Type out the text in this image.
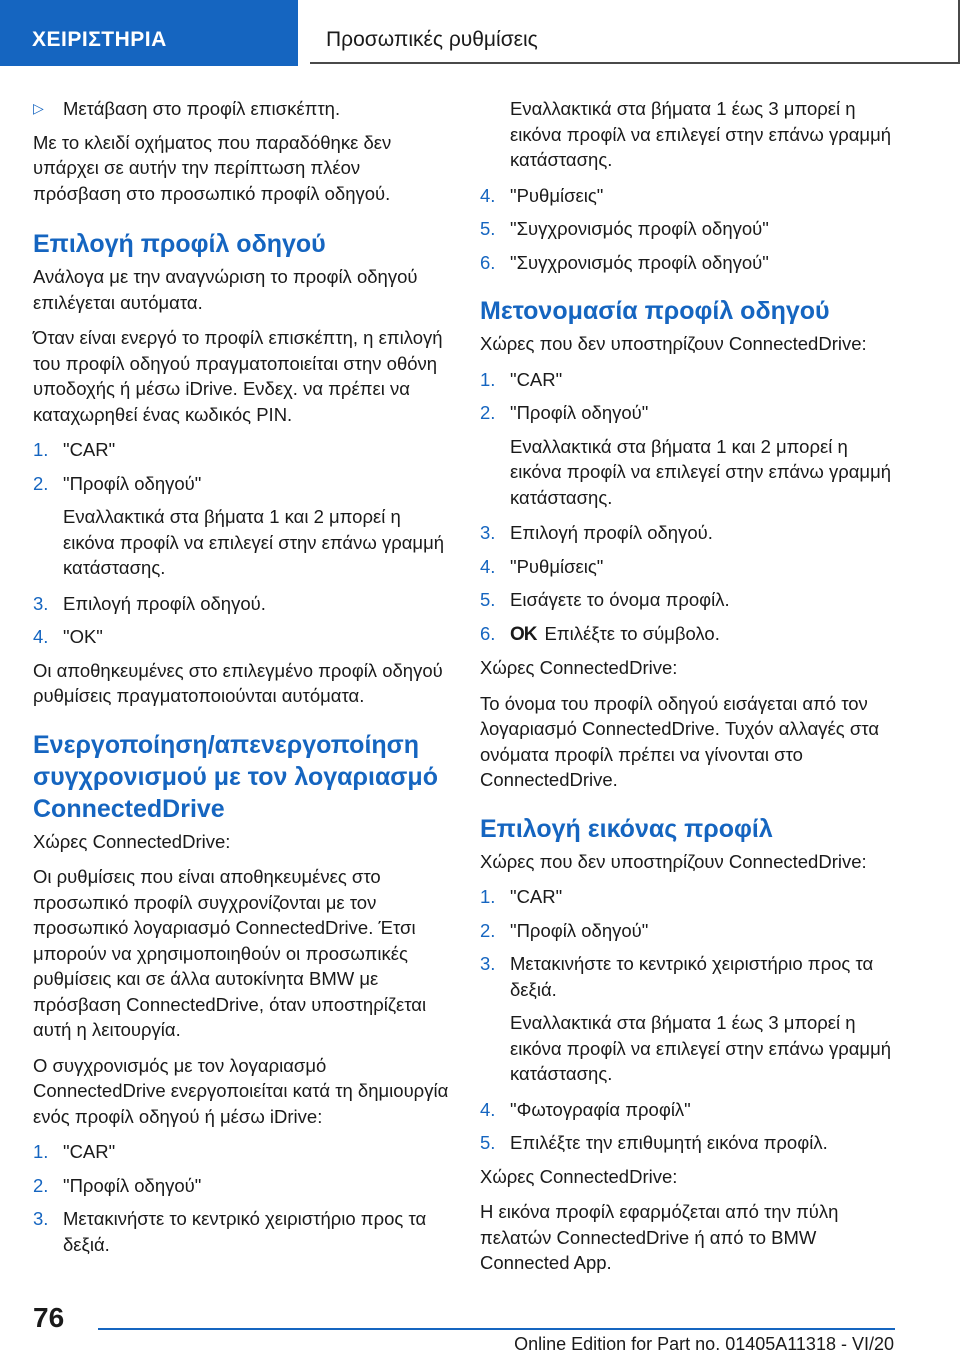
ΧΕΙΡΙΣΤΗΡΙΑ	Προσωπικές ρυθμίσεις
▷ Μετάβαση στο προφίλ επισκέπτη.

Με το κλειδί οχήματος που παραδόθηκε δεν υπάρχει σε αυτήν την περίπτωση πλέον πρόσβαση στο προσωπικό προφίλ οδηγού.

Επιλογή προφίλ οδηγού

Ανάλογα με την αναγνώριση το προφίλ οδηγού επιλέγεται αυτόματα.

Όταν είναι ενεργό το προφίλ επισκέπτη, η επιλογή του προφίλ οδηγού πραγματοποιείται στην οθόνη υποδοχής ή μέσω iDrive. Ενδεχ. να πρέπει να καταχωρηθεί ένας κωδικός PIN.

1. "CAR"
2. "Προφίλ οδηγού"

Εναλλακτικά στα βήματα 1 και 2 μπορεί η εικόνα προφίλ να επιλεγεί στην επάνω γραμμή κατάστασης.

3. Επιλογή προφίλ οδηγού.
4. "OK"

Οι αποθηκευμένες στο επιλεγμένο προφίλ οδηγού ρυθμίσεις πραγματοποιούνται αυτόματα.

Ενεργοποίηση/απενεργοποίηση συγχρονισμού με τον λογαριασμό ConnectedDrive

Χώρες ConnectedDrive:

Οι ρυθμίσεις που είναι αποθηκευμένες στο προσωπικό προφίλ συγχρονίζονται με τον προσωπικό λογαριασμό ConnectedDrive. Έτσι μπορούν να χρησιμοποιηθούν οι προσωπικές ρυθμίσεις και σε άλλα αυτοκίνητα BMW με πρόσβαση ConnectedDrive, όταν υποστηρίζεται αυτή η λειτουργία.

Ο συγχρονισμός με τον λογαριασμό ConnectedDrive ενεργοποιείται κατά τη δημιουργία ενός προφίλ οδηγού ή μέσω iDrive:

1. "CAR"
2. "Προφίλ οδηγού"
3. Μετακινήστε το κεντρικό χειριστήριο προς τα δεξιά.

Εναλλακτικά στα βήματα 1 έως 3 μπορεί η εικόνα προφίλ να επιλεγεί στην επάνω γραμμή κατάστασης.

4. "Ρυθμίσεις"
5. "Συγχρονισμός προφίλ οδηγού"
6. "Συγχρονισμός προφίλ οδηγού"
Μετονομασία προφίλ οδηγού

Χώρες που δεν υποστηρίζουν ConnectedDrive:

1. "CAR"
2. "Προφίλ οδηγού"

Εναλλακτικά στα βήματα 1 και 2 μπορεί η εικόνα προφίλ να επιλεγεί στην επάνω γραμμή κατάστασης.

3. Επιλογή προφίλ οδηγού.
4. "Ρυθμίσεις"
5. Εισάγετε το όνομα προφίλ.
6. OK Επιλέξτε το σύμβολο.

Χώρες ConnectedDrive:

Το όνομα του προφίλ οδηγού εισάγεται από τον λογαριασμό ConnectedDrive. Τυχόν αλλαγές στα ονόματα προφίλ πρέπει να γίνονται στο ConnectedDrive.

Επιλογή εικόνας προφίλ

Χώρες που δεν υποστηρίζουν ConnectedDrive:

1. "CAR"
2. "Προφίλ οδηγού"
3. Μετακινήστε το κεντρικό χειριστήριο προς τα δεξιά.

Εναλλακτικά στα βήματα 1 έως 3 μπορεί η εικόνα προφίλ να επιλεγεί στην επάνω γραμμή κατάστασης.

4. "Φωτογραφία προφίλ"
5. Επιλέξτε την επιθυμητή εικόνα προφίλ.

Χώρες ConnectedDrive:

Η εικόνα προφίλ εφαρμόζεται από την πύλη πελατών ConnectedDrive ή από το BMW Connected App.

76
Online Edition for Part no. 01405A11318 - VI/20
